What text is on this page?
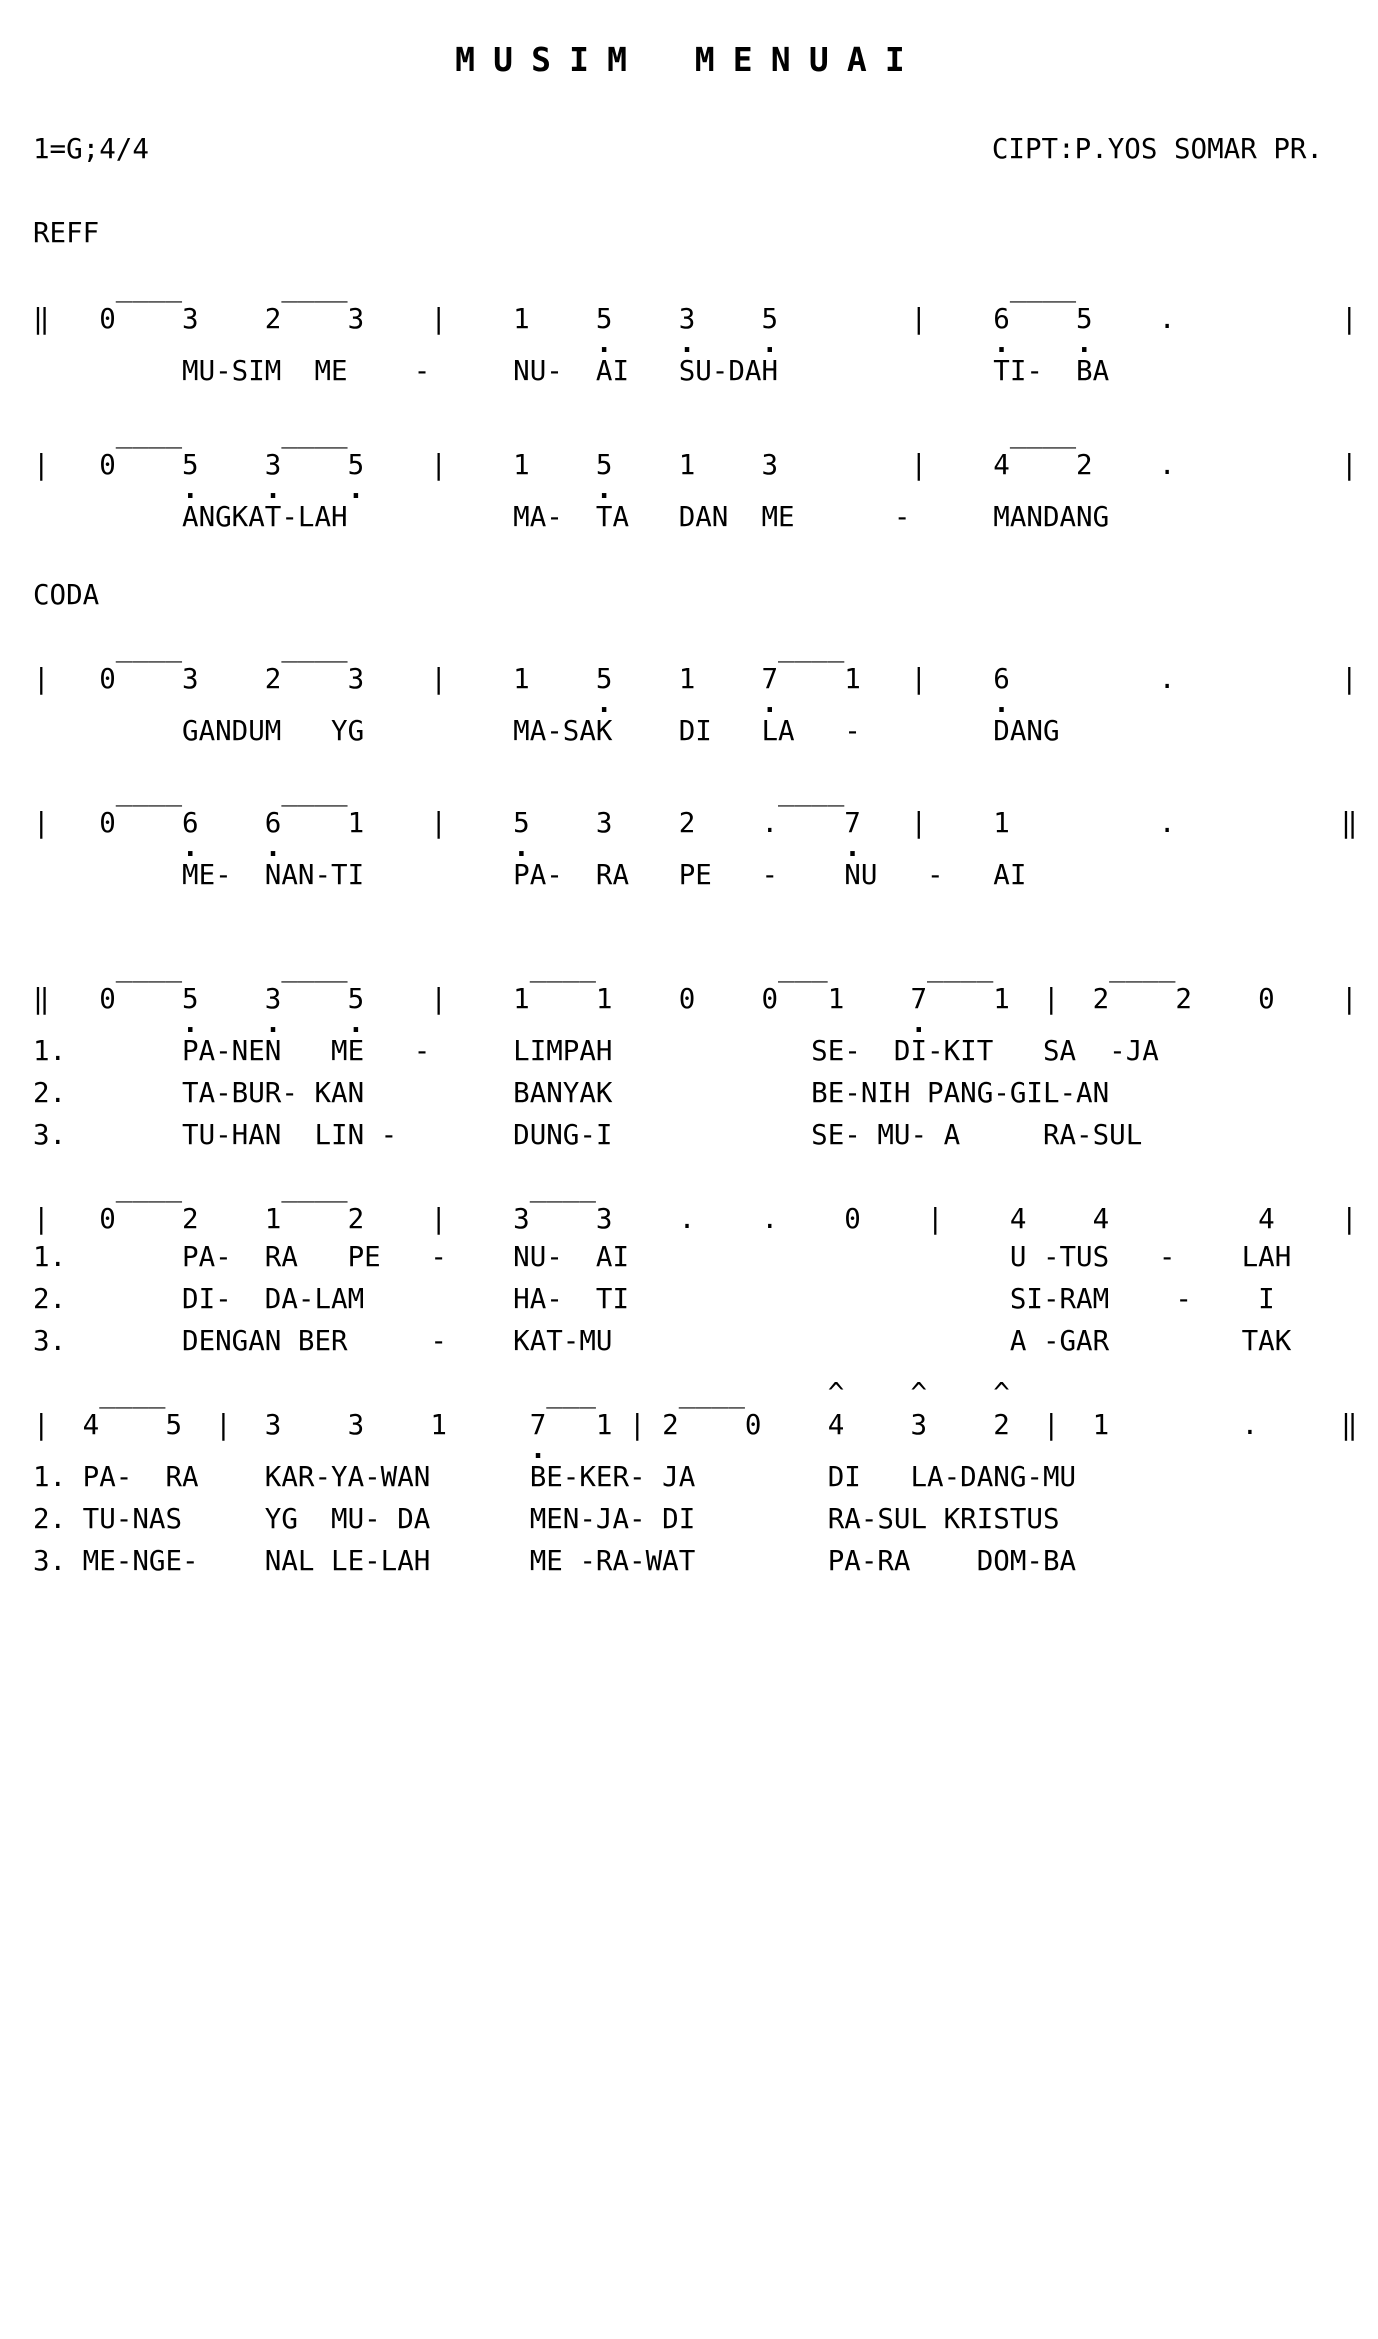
MUSIM MENUAI
1=G;4/4	CIPT:P.YOS SOMAR PR.
REFF
____      ____                                        ____
‖   0    3    2    3    |    1    5    3    5        |    6    5    .          |
.    .    .             .    .
MU-SIM  ME    -     NU-  AI   SU-DAH             TI-  BA
____      ____                                        ____
|   0    5    3    5    |    1    5    1    3        |    4    2    .          |
.    .    .              .
ANGKAT-LAH          MA-  TA   DAN  ME      -     MANDANG
CODA
____      ____                          ____
|   0    3    2    3    |    1    5    1    7    1   |    6         .          |
.         .             .
GANDUM   YG         MA-SAK    DI   LA   -        DANG
____      ____                          ____
|   0    6    6    1    |    5    3    2    .    7   |    1         .          ‖
.    .              .                   .
ME-  NAN-TI         PA-  RA   PE   -    NU   -   AI
____      ____           ____           ___      ____       ____
‖   0    5    3    5    |    1    1    0    0   1    7    1  |  2    2    0    |
.    .    .                                 .
1.       PA-NEN   ME   -     LIMPAH            SE-  DI-KIT   SA  -JA
2.       TA-BUR- KAN         BANYAK            BE-NIH PANG-GIL-AN
3.       TU-HAN  LIN -       DUNG-I            SE- MU- A     RA-SUL
____      ____           ____
|   0    2    1    2    |    3    3    .    .    0    |    4    4         4    |
1.       PA-  RA   PE   -    NU-  AI                       U -TUS   -    LAH
2.       DI-  DA-LAM         HA-  TI                       SI-RAM    -    I
3.       DENGAN BER     -    KAT-MU                        A -GAR        TAK
____                       ___     ____     ^    ^    ^
|  4    5  |  3    3    1     7   1 | 2    0    4    3    2  |  1        .     ‖
.
1. PA-  RA    KAR-YA-WAN      BE-KER- JA        DI   LA-DANG-MU
2. TU-NAS     YG  MU- DA      MEN-JA- DI        RA-SUL KRISTUS
3. ME-NGE-    NAL LE-LAH      ME -RA-WAT        PA-RA    DOM-BA
